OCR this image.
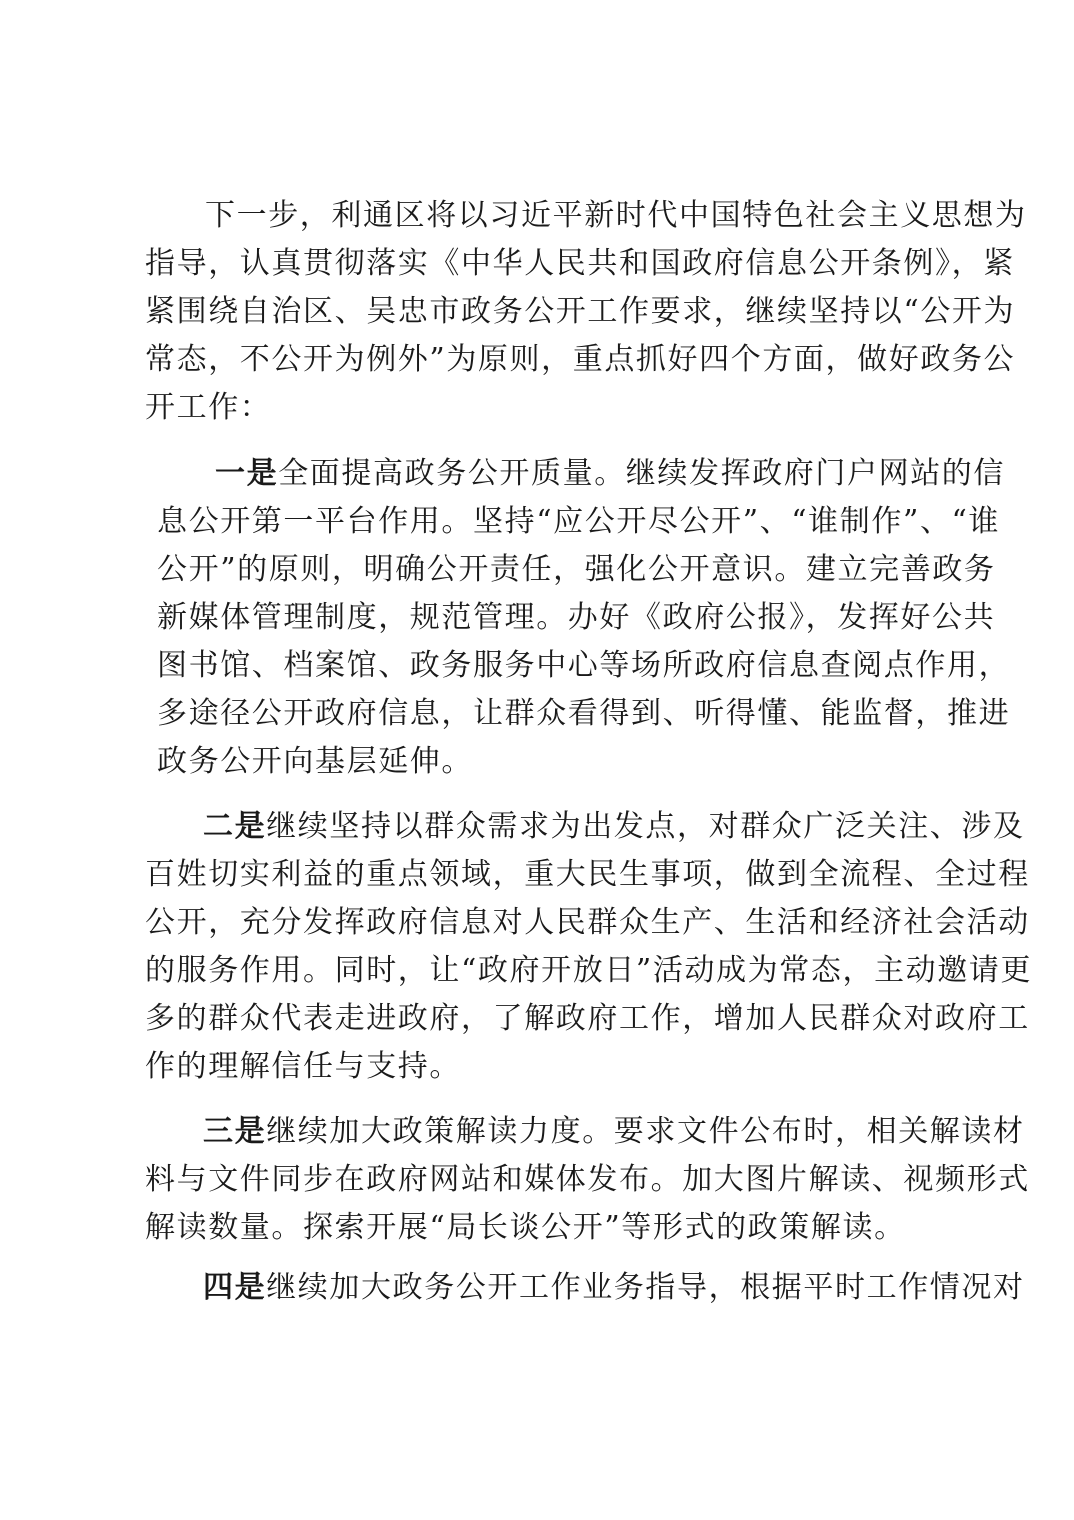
下一步，利通区将以习近平新时代中国特色社会主义思想为
指导，认真贯彻落实《中华人民共和国政府信息公开条例》，紧
紧围绕自治区、吴忠市政务公开工作要求，继续坚持以“公开为
常态，不公开为例外”为原则，重点抓好四个方面，做好政务公
开工作：
一是全面提高政务公开质量。继续发挥政府门户网站的信
息公开第一平台作用。坚持“应公开尽公开”、“谁制作”、“谁
公开”的原则，明确公开责任，强化公开意识。建立完善政务
新媒体管理制度，规范管理。办好《政府公报》，发挥好公共
图书馆、档案馆、政务服务中心等场所政府信息查阅点作用，
多途径公开政府信息，让群众看得到、听得懂、能监督，推进
政务公开向基层延伸。
二是继续坚持以群众需求为出发点，对群众广泛关注、涉及
百姓切实利益的重点领域，重大民生事项，做到全流程、全过程
公开，充分发挥政府信息对人民群众生产、生活和经济社会活动
的服务作用。同时，让“政府开放日”活动成为常态，主动邀请更
多的群众代表走进政府，了解政府工作，增加人民群众对政府工
作的理解信任与支持。
三是继续加大政策解读力度。要求文件公布时，相关解读材
料与文件同步在政府网站和媒体发布。加大图片解读、视频形式
解读数量。探索开展“局长谈公开”等形式的政策解读。
四是继续加大政务公开工作业务指导，根据平时工作情况对
